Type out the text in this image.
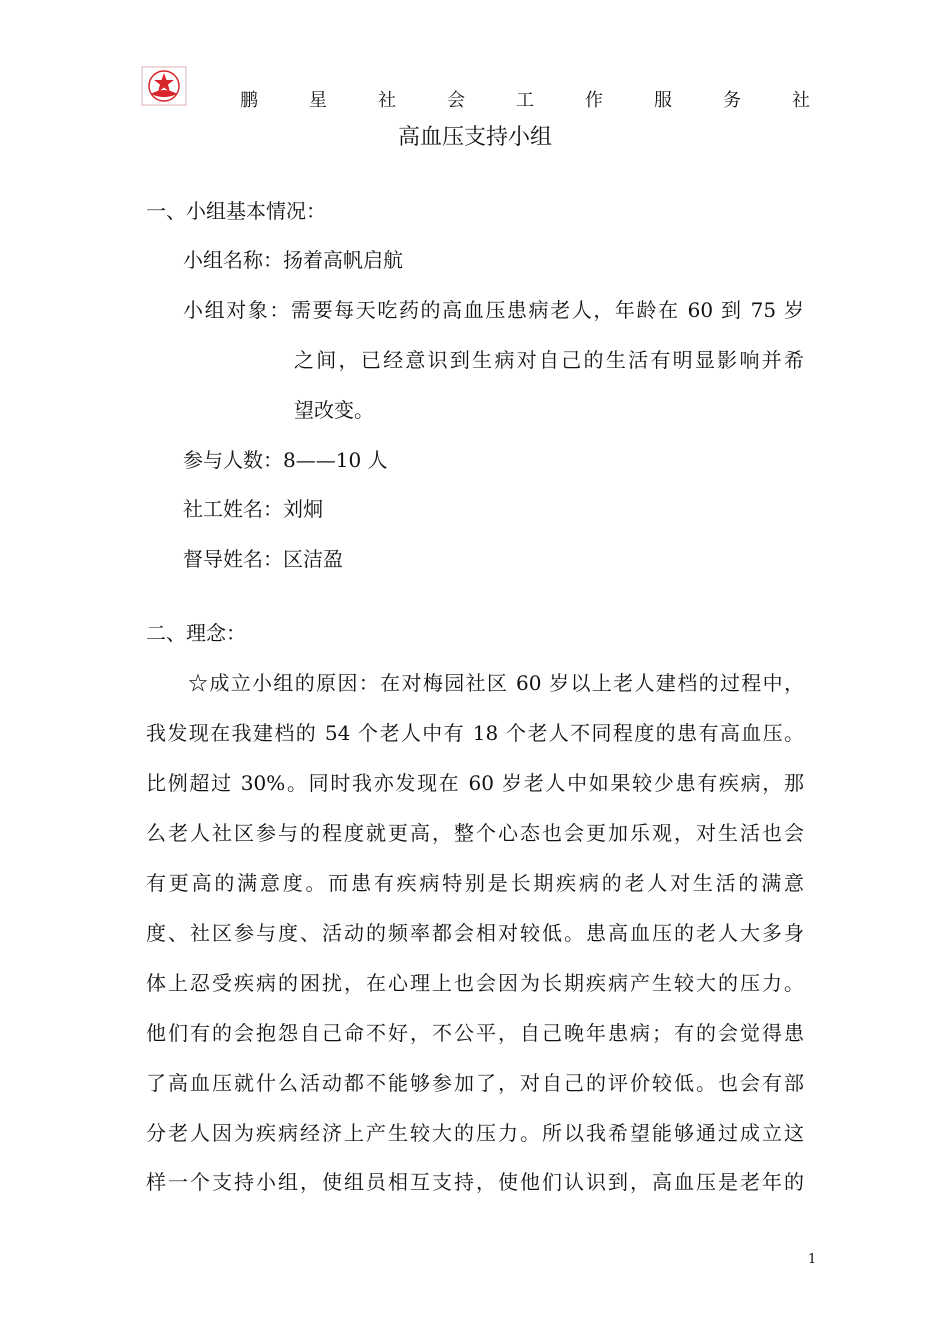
鹏	星	社	会	工	作	服	务	社
高血压支持小组
一、小组基本情况：
小组名称：扬着高帆启航
小组对象：需要每天吃药的高血压患病老人，年龄在 60 到 75 岁
之间，已经意识到生病对自己的生活有明显影响并希
望改变。
参与人数：8——10 人
社工姓名：刘炯
督导姓名：区洁盈
二、理念：
☆成立小组的原因：在对梅园社区 60 岁以上老人建档的过程中，
我发现在我建档的 54 个老人中有 18 个老人不同程度的患有高血压。
比例超过 30%。同时我亦发现在 60 岁老人中如果较少患有疾病，那
么老人社区参与的程度就更高，整个心态也会更加乐观，对生活也会
有更高的满意度。而患有疾病特别是长期疾病的老人对生活的满意
度、社区参与度、活动的频率都会相对较低。患高血压的老人大多身
体上忍受疾病的困扰，在心理上也会因为长期疾病产生较大的压力。
他们有的会抱怨自己命不好，不公平，自己晚年患病；有的会觉得患
了高血压就什么活动都不能够参加了，对自己的评价较低。也会有部
分老人因为疾病经济上产生较大的压力。所以我希望能够通过成立这
样一个支持小组，使组员相互支持，使他们认识到，高血压是老年的
1
